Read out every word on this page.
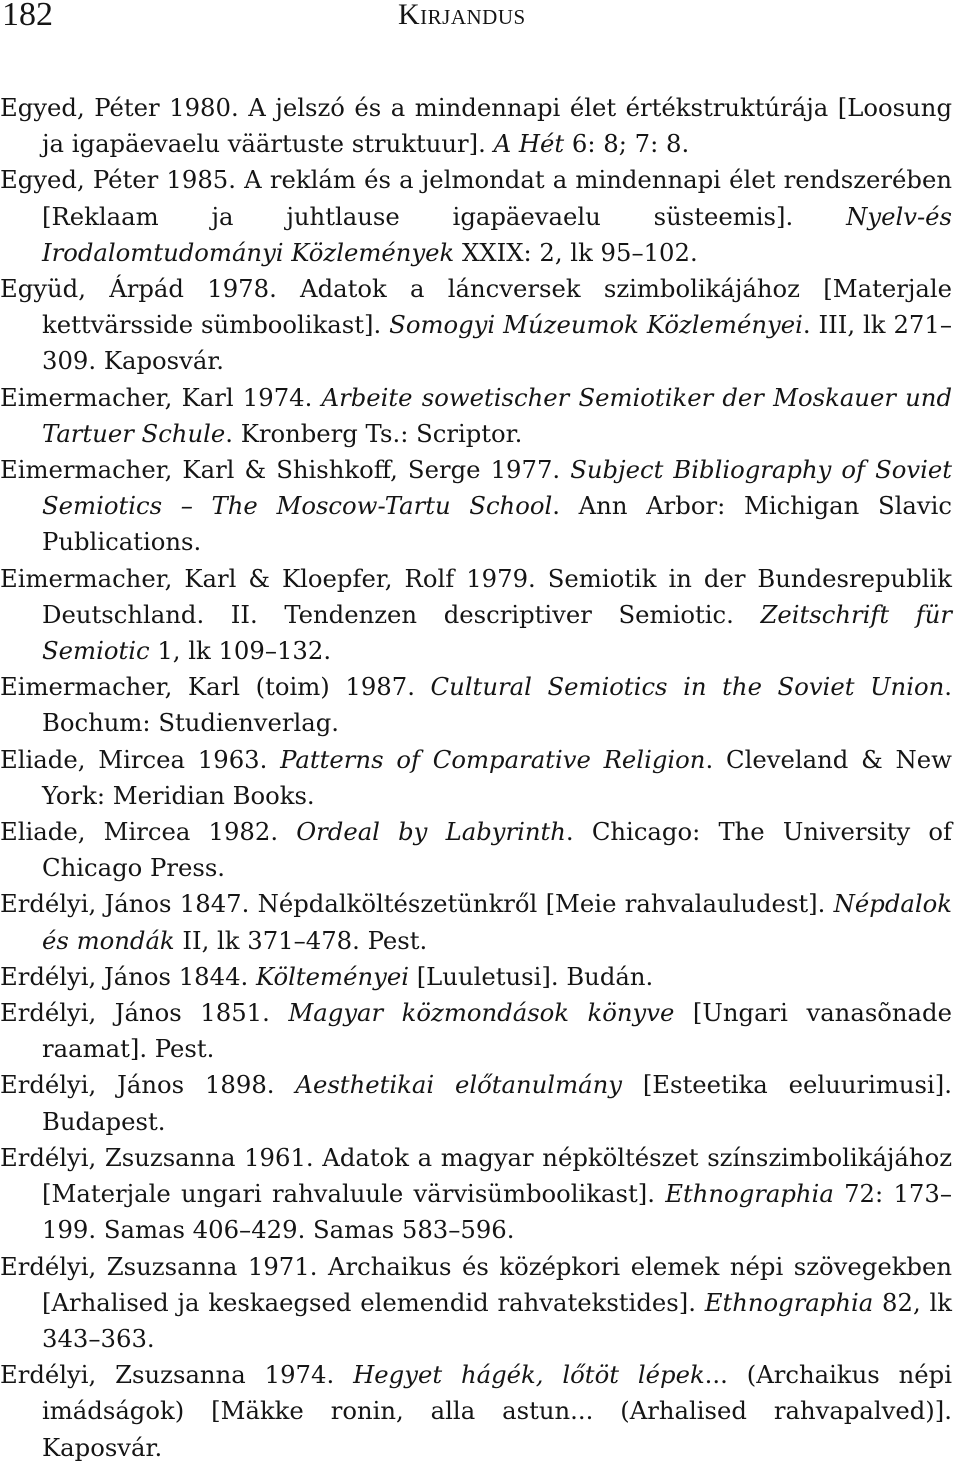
182	Kirjandus

Egyed, Péter 1980. A jelszó és a mindennapi élet értékstruktúrája [Loosung ja igapäevaelu väärtuste struktuur]. A Hét 6: 8; 7: 8.

Egyed, Péter 1985. A reklám és a jelmondat a mindennapi élet rendszerében [Reklaam ja juhtlause igapäevaelu süsteemis]. Nyelv-és Irodalomtudományi Közlemények XXIX: 2, lk 95–102.

Együd, Árpád 1978. Adatok a láncversek szimbolikájához [Materjale kettvärsside sümboolikast]. Somogyi Múzeumok Közleményei. III, lk 271–309. Kaposvár.

Eimermacher, Karl 1974. Arbeite sowetischer Semiotiker der Moskauer und Tartuer Schule. Kronberg Ts.: Scriptor.

Eimermacher, Karl & Shishkoff, Serge 1977. Subject Bibliography of Soviet Semiotics – The Moscow-Tartu School. Ann Arbor: Michigan Slavic Publications.

Eimermacher, Karl & Kloepfer, Rolf 1979. Semiotik in der Bundesrepublik Deutschland. II. Tendenzen descriptiver Semiotic. Zeitschrift für Semiotic 1, lk 109–132.

Eimermacher, Karl (toim) 1987. Cultural Semiotics in the Soviet Union. Bochum: Studienverlag.

Eliade, Mircea 1963. Patterns of Comparative Religion. Cleveland & New York: Meridian Books.

Eliade, Mircea 1982. Ordeal by Labyrinth. Chicago: The University of Chicago Press.

Erdélyi, János 1847. Népdalköltészetünkről [Meie rahvalauludest]. Népdalok és mondák II, lk 371–478. Pest.

Erdélyi, János 1844. Költeményei [Luuletusi]. Budán.

Erdélyi, János 1851. Magyar közmondások könyve [Ungari vanasõnade raamat]. Pest.

Erdélyi, János 1898. Aesthetikai előtanulmány [Esteetika eeluurimusi]. Budapest.

Erdélyi, Zsuzsanna 1961. Adatok a magyar népköltészet színszimbolikájához [Materjale ungari rahvaluule värvisümboolikast]. Ethnographia 72: 173–199. Samas 406–429. Samas 583–596.

Erdélyi, Zsuzsanna 1971. Archaikus és középkori elemek népi szövegekben [Arhalised ja keskaegsed elemendid rahvatekstides]. Ethnographia 82, lk 343–363.

Erdélyi, Zsuzsanna 1974. Hegyet hágék, lőtöt lépek... (Archaikus népi imádságok) [Mäkke ronin, alla astun... (Arhalised rahvapalved)]. Kaposvár.
